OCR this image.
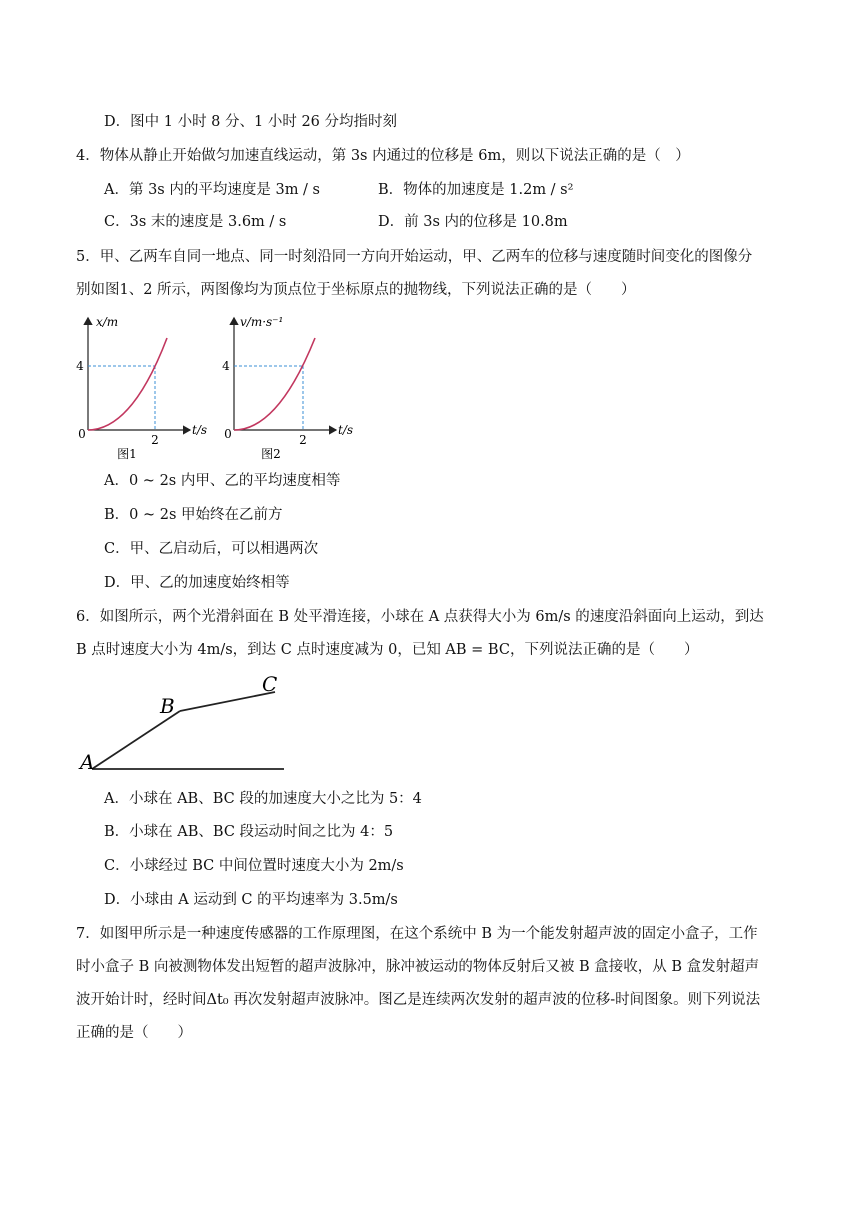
D．图中 1 小时 8 分、1 小时 26 分均指时刻
4．物体从静止开始做匀加速直线运动，第 3s 内通过的位移是 6m，则以下说法正确的是（　）
A．第 3s 内的平均速度是 3m / s	B．物体的加速度是 1.2m / s²
C．3s 末的速度是 3.6m / s	D．前 3s 内的位移是 10.8m
5．甲、乙两车自同一地点、同一时刻沿同一方向开始运动，甲、乙两车的位移与速度随时间变化的图像分
别如图1、2 所示，两图像均为顶点位于坐标原点的抛物线，下列说法正确的是（　　）
x/m
t/s
0
4
2
图1
v/m·s⁻¹
t/s
0
4
2
图2
A．0 ~ 2s 内甲、乙的平均速度相等
B．0 ~ 2s 甲始终在乙前方
C．甲、乙启动后，可以相遇两次
D．甲、乙的加速度始终相等
6．如图所示，两个光滑斜面在 B 处平滑连接，小球在 A 点获得大小为 6m/s 的速度沿斜面向上运动，到达
B 点时速度大小为 4m/s，到达 C 点时速度减为 0，已知 AB = BC，下列说法正确的是（　　）
A
B
C
A．小球在 AB、BC 段的加速度大小之比为 5：4
B．小球在 AB、BC 段运动时间之比为 4：5
C．小球经过 BC 中间位置时速度大小为 2m/s
D．小球由 A 运动到 C 的平均速率为 3.5m/s
7．如图甲所示是一种速度传感器的工作原理图，在这个系统中 B 为一个能发射超声波的固定小盒子，工作
时小盒子 B 向被测物体发出短暂的超声波脉冲，脉冲被运动的物体反射后又被 B 盒接收，从 B 盒发射超声
波开始计时，经时间Δt₀ 再次发射超声波脉冲。图乙是连续两次发射的超声波的位移-时间图象。则下列说法
正确的是（　　）
